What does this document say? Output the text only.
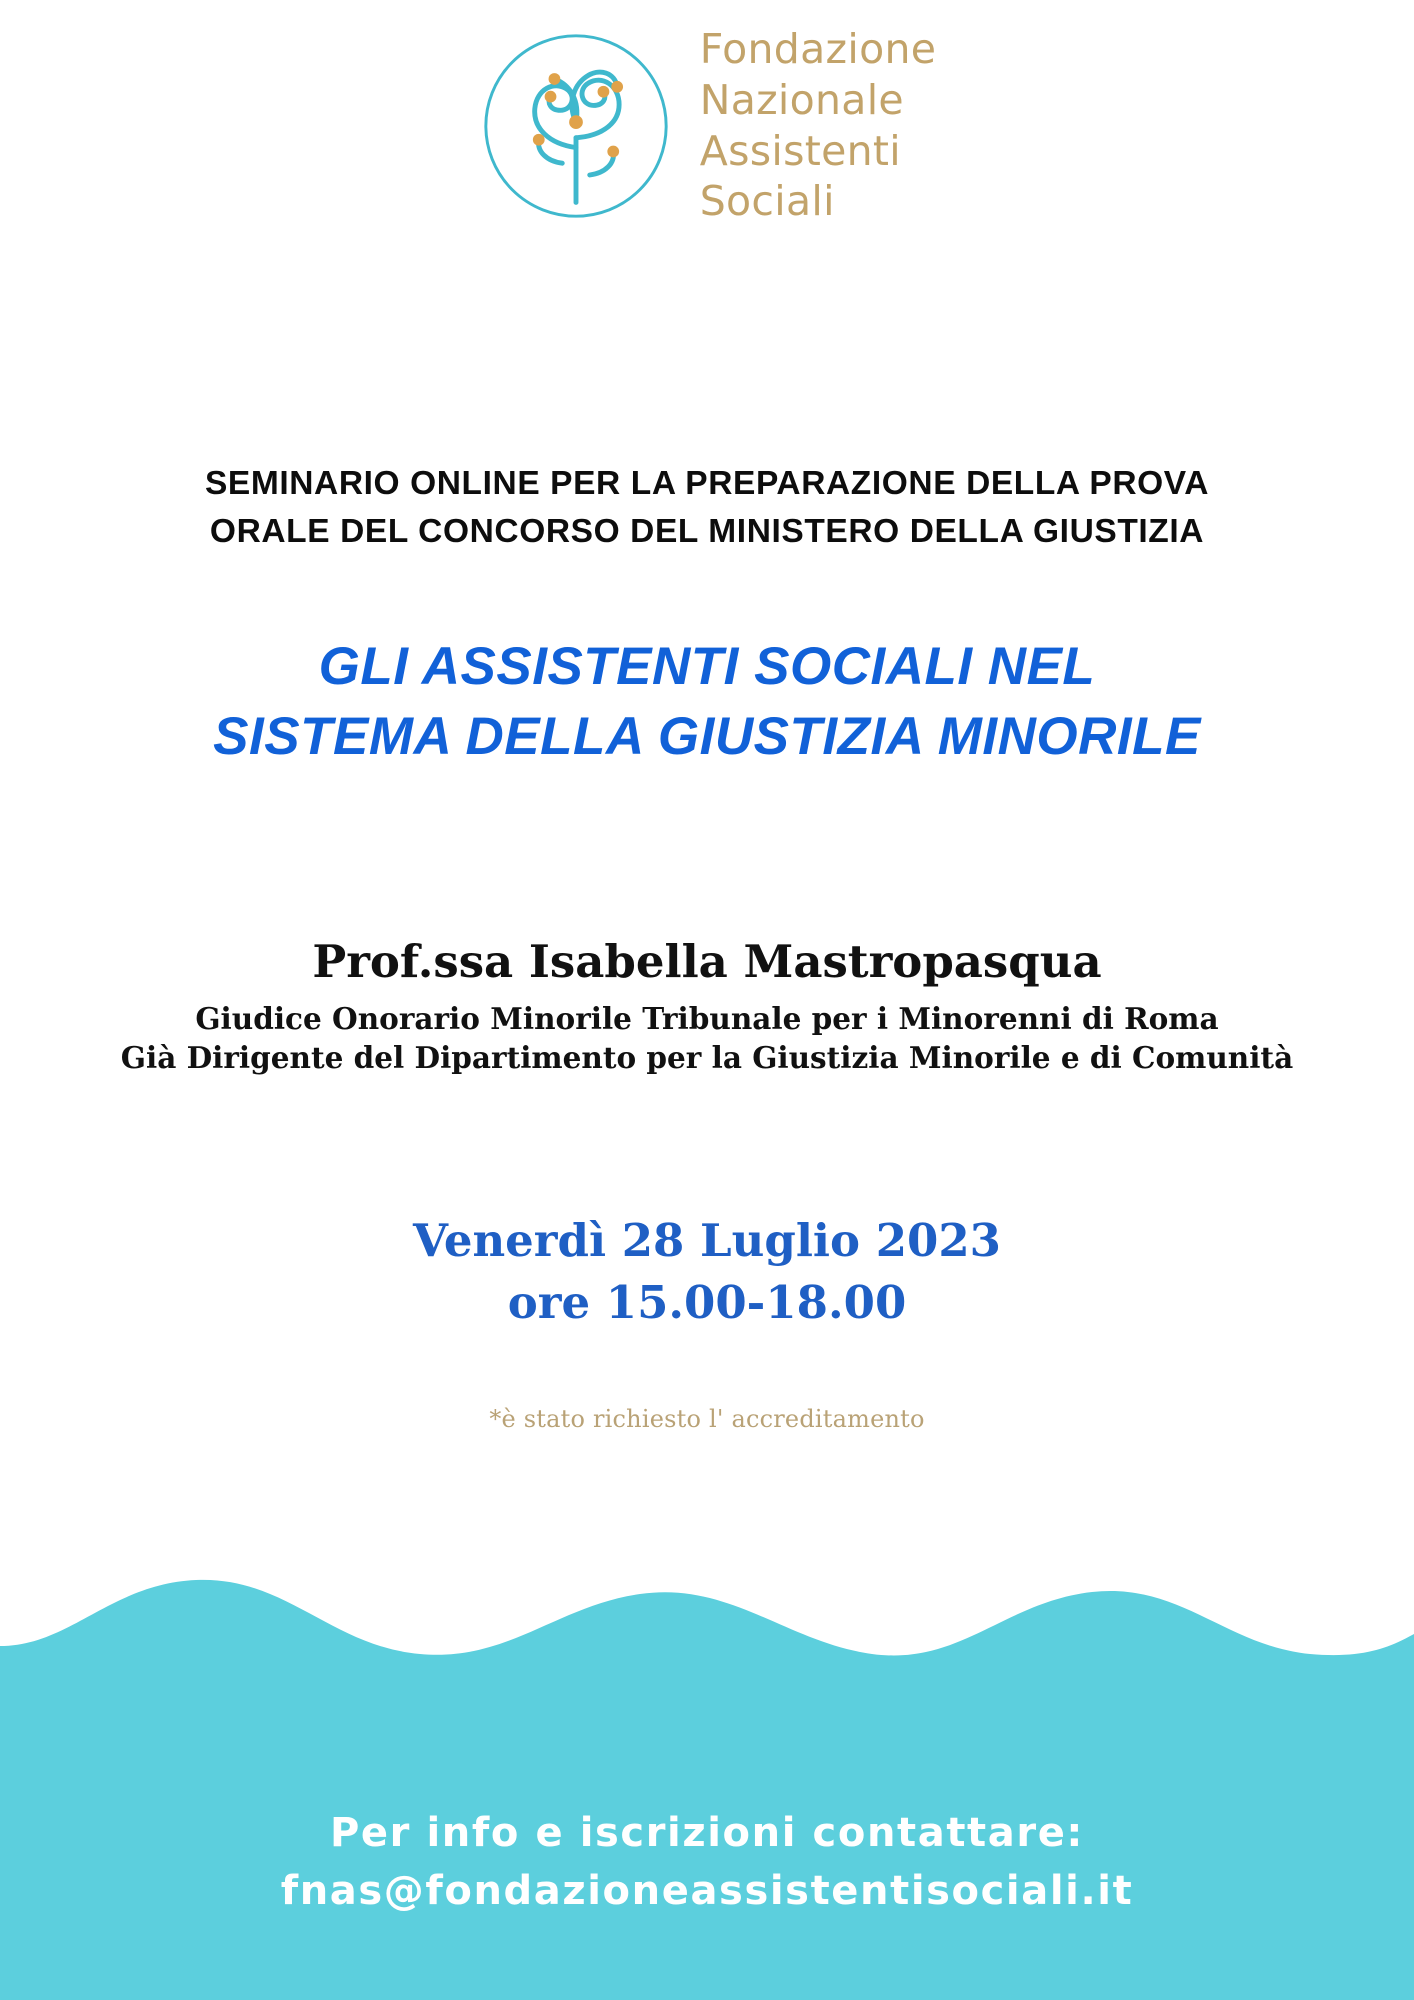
Fondazione
Nazionale
Assistenti
Sociali
SEMINARIO ONLINE PER LA PREPARAZIONE DELLA PROVA
ORALE DEL CONCORSO DEL MINISTERO DELLA GIUSTIZIA
GLI ASSISTENTI SOCIALI NEL
SISTEMA DELLA GIUSTIZIA MINORILE
Prof.ssa Isabella Mastropasqua
Giudice Onorario Minorile Tribunale per i Minorenni di Roma
Già Dirigente del Dipartimento per la Giustizia Minorile e di Comunità
Venerdì 28 Luglio 2023
ore 15.00-18.00
*è stato richiesto l' accreditamento
Per info e iscrizioni contattare:
fnas@fondazioneassistentisociali.it
